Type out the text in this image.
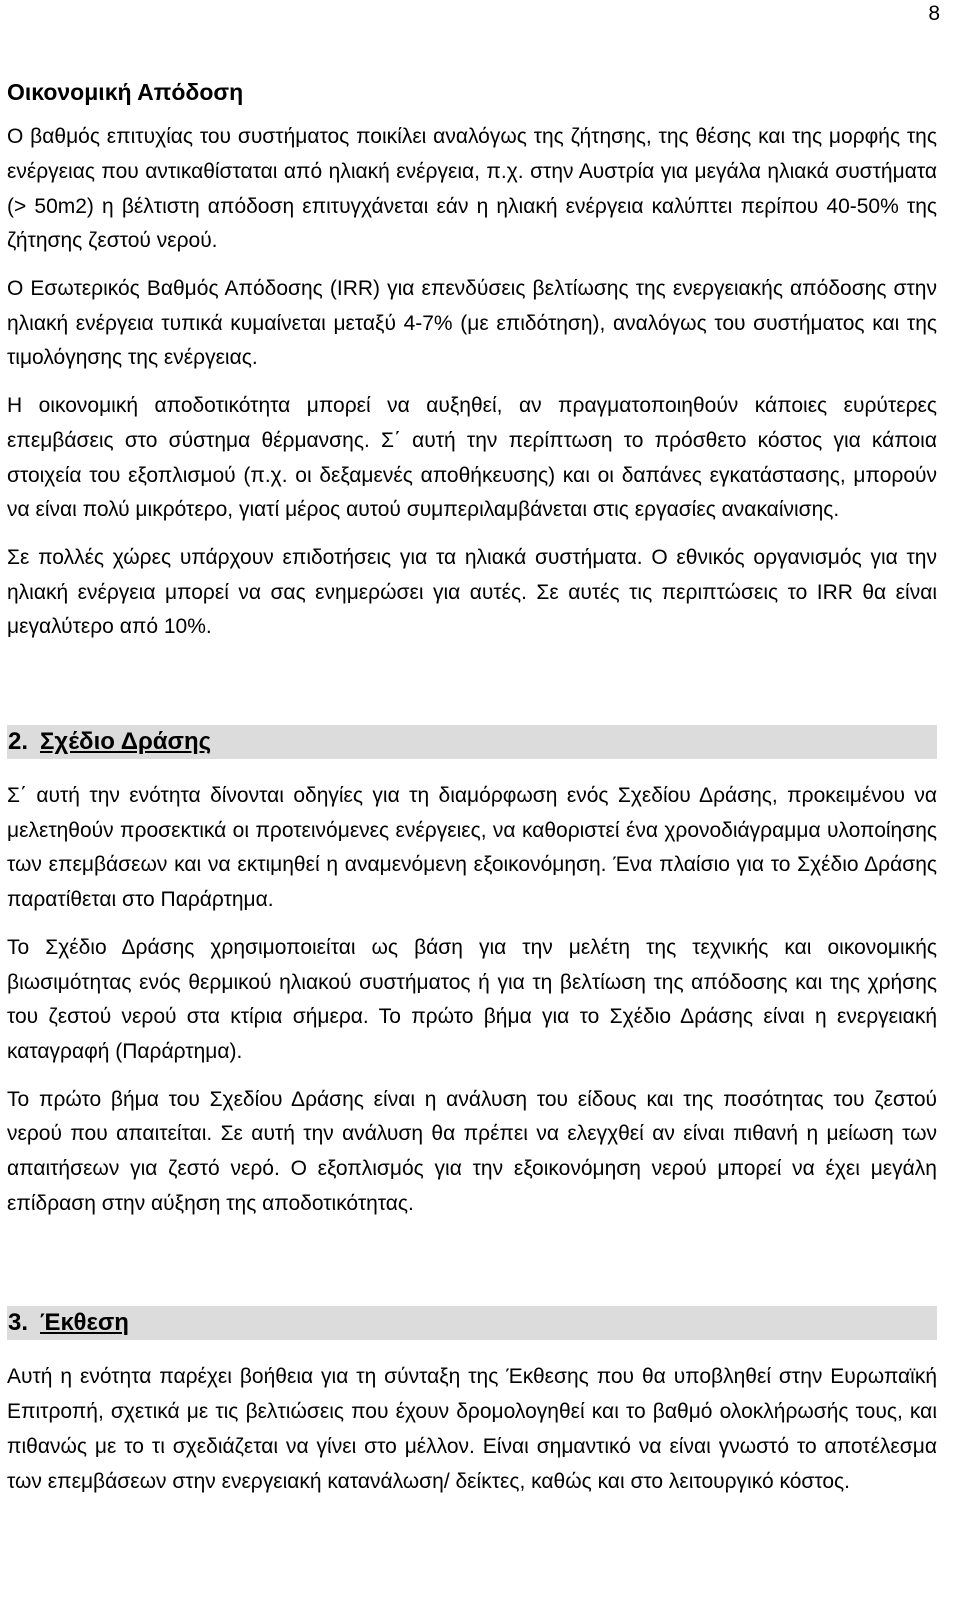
8
Οικονομική Απόδοση

Ο βαθμός επιτυχίας του συστήματος ποικίλει αναλόγως της ζήτησης, της θέσης και της μορφής της ενέργειας που αντικαθίσταται από ηλιακή ενέργεια, π.χ. στην Αυστρία για μεγάλα ηλιακά συστήματα (> 50m2) η βέλτιστη απόδοση επιτυγχάνεται εάν η ηλιακή ενέργεια καλύπτει περίπου 40-50% της ζήτησης ζεστού νερού.

Ο Εσωτερικός Βαθμός Απόδοσης (IRR) για επενδύσεις βελτίωσης της ενεργειακής απόδοσης στην ηλιακή ενέργεια τυπικά κυμαίνεται μεταξύ 4-7% (με επιδότηση), αναλόγως του συστήματος και της τιμολόγησης της ενέργειας.

Η οικονομική αποδοτικότητα μπορεί να αυξηθεί, αν πραγματοποιηθούν κάποιες ευρύτερες επεμβάσεις στο σύστημα θέρμανσης. Σ΄ αυτή την περίπτωση το πρόσθετο κόστος για κάποια στοιχεία του εξοπλισμού (π.χ. οι δεξαμενές αποθήκευσης) και οι δαπάνες εγκατάστασης, μπορούν να είναι πολύ μικρότερο, γιατί μέρος αυτού συμπεριλαμβάνεται στις εργασίες ανακαίνισης.

Σε πολλές χώρες υπάρχουν επιδοτήσεις για τα ηλιακά συστήματα. Ο εθνικός οργανισμός για την ηλιακή ενέργεια μπορεί να σας ενημερώσει για αυτές. Σε αυτές τις περιπτώσεις το IRR θα είναι μεγαλύτερο από 10%.

2. Σχέδιο Δράσης

Σ΄ αυτή την ενότητα δίνονται οδηγίες για τη διαμόρφωση ενός Σχεδίου Δράσης, προκειμένου να μελετηθούν προσεκτικά οι προτεινόμενες ενέργειες, να καθοριστεί ένα χρονοδιάγραμμα υλοποίησης των επεμβάσεων και να εκτιμηθεί η αναμενόμενη εξοικονόμηση. Ένα πλαίσιο για το Σχέδιο Δράσης παρατίθεται στο Παράρτημα.

Το Σχέδιο Δράσης χρησιμοποιείται ως βάση για την μελέτη της τεχνικής και οικονομικής βιωσιμότητας ενός θερμικού ηλιακού συστήματος ή για τη βελτίωση της απόδοσης και της χρήσης του ζεστού νερού στα κτίρια σήμερα. Το πρώτο βήμα για το Σχέδιο Δράσης είναι η ενεργειακή καταγραφή (Παράρτημα).

Το πρώτο βήμα του Σχεδίου Δράσης είναι η ανάλυση του είδους και της ποσότητας του ζεστού νερού που απαιτείται. Σε αυτή την ανάλυση θα πρέπει να ελεγχθεί αν είναι πιθανή η μείωση των απαιτήσεων για ζεστό νερό. Ο εξοπλισμός για την εξοικονόμηση νερού μπορεί να έχει μεγάλη επίδραση στην αύξηση της αποδοτικότητας.

3. Έκθεση

Αυτή η ενότητα παρέχει βοήθεια για τη σύνταξη της Έκθεσης που θα υποβληθεί στην Ευρωπαϊκή Επιτροπή, σχετικά με τις βελτιώσεις που έχουν δρομολογηθεί και το βαθμό ολοκλήρωσής τους, και πιθανώς με το τι σχεδιάζεται να γίνει στο μέλλον. Είναι σημαντικό να είναι γνωστό το αποτέλεσμα των επεμβάσεων στην ενεργειακή κατανάλωση/ δείκτες, καθώς και στο λειτουργικό κόστος.
